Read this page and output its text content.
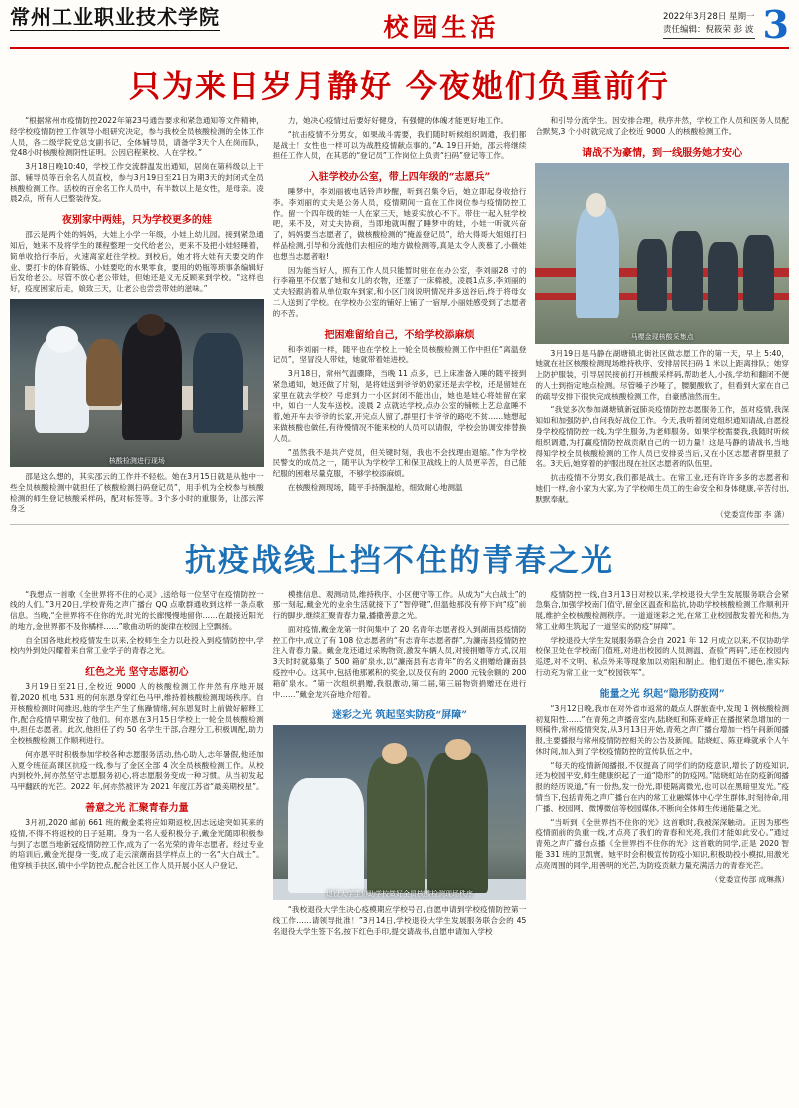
常州工业职业技术学院	校园生活	2022年3月28日 星期一
责任编辑：倪筱荣 彭 波 3
只为来日岁月静好 今夜她们负重前行

“根据常州市疫情防控2022年第23号通告要求和紧急通知等文件精神，经学校疫情防控工作领导小组研究决定，参与我校全员核酸检测的全体工作人员，各二级学院党总支副书记、全体辅导员，请备学3天个人在岗而队，党48小时核酸检测阴性证明。公因启程莱校、人在学校。”

3月18日晚10:40，学校工作交流群温发出通知，居岗在第科级以上干部、辅导员等百余名人员直校，参与3月19日至21日为期3天的封闭式全员核酸检测工作。活校的百余名工作人员中，有半数以上是女性，是母亲。凌晨2点，所有人已整装待发。

夜别家中两娃，只为学校更多的娃

邵云是两个娃的妈妈，大娃上小学一年级，小娃上幼儿园。接到紧急通知后，她来不及将学生的课程整理一交代给老公，更来不及把小娃轻睡着，简单收拾行李后，火速离家赶往学校。到校后，她才将大娃有天要交的作业、要打卡的体育锻炼、小娃要吃的水果零食，要用的奶瓶等琐事条编辑好后发给老公。尽管不放心老公带娃，但她还是义无反顾来到学校。“这样也好，疫度困家后走，娘致三天，让老公也尝尝带娃的滋味。”

核酸检测进行现场

邵是这么想的，其实邵云的工作并不轻松。她在3月15日就是从他中一些全员核酸检测中就担任了核酸检测扫码登记员”，用手机为全校参与核酸检测的师生登记核酸采样码，配对标签等。3个多小时的重服务，让邵云浑身乏

力，她决心疫情过后要好好健身，有强健的体魄才能更好地工作。

“抗击疫情不分男女，如果战斗需要，我们随时听候组织调遣，我们都是战士！女性也一样可以为战胜疫情献点事的。”A. 19日开始，邵云将继续担任工作人员，在其恶的“登记员”工作岗位上负责“扫码”登记等工作。

入驻学校办公室，带上四年级的“志愿兵”

睡梦中，李刘丽被电话铃声吵醒，听到召集令后，她立即起身收拾行李。李刘丽的丈夫是公务人员，疫情期间一直在工作岗位参与疫情防控工作。留一个四年级的娃一人在家三天，她妥实放心不下。带住一起入驻学校吧，来不及，对丈夫协商，当即地就叫醒了睡梦中的娃，小娃一听就兴奋了，妈妈要当志愿者了，做核酸检测的“掩盖登记员”，给大得哥大姐姐打扫样品检测,引导和分流他们去相应的地方做检测等,真是太令人羡慕了,小薇娃也想当志愿者啦!

因为能当好人，照有工作人员只能暂时驻在在办公室，李刘丽28 寸的行李箱里不仅塞了她和女儿的衣物，还塞了一床棉被，凌晨1点多,李刘丽的丈夫轻跟消着从单位取车到家,和小区门岗说明情况并多送谷后,终于将母女二人送到了学校。在学校办公室的铺好上铺了一宿厚,小丽娃感受到了志愿者的不苦。

把困难留给自己，不给学校添麻烦

和李刘丽一样，随平也在学校上一轮全员核酸检测工作中担任“离温登记员”，坚冒没人带娃，她就带着娃进校。

3月18日，常州气温骤降，当晚 11 点多，已上床准备入睡的随平接到紧急通知，她还做了片刻，是将娃送到爷爷奶奶家还是去学校，还是留娃在家里在就去学校？号虑到力一小区封闭不能出山，她也是娃心将娃留在家中，如白一人发车送校。凌晨 2 点就达学校,点办公室的铺帐上艺总盒睡不着,她开车去爷爷的长家,开完点人留了,群里打卡爷爷的路吃不贫……她想起来做核酸也做任,有待慢情况不能来校的人员可以请假，学校会协调安排替换人员。

“虽然我不是共产党员，但关键时刻，我也不会找理由退缩。”作为学校民警支的成员之一，随平认为学校学工和保卫战线上的人员更辛苦，自己能纪服的困难尽量克服，不够学校添麻烦。

在核酸检测现场，随平手持腕温枪，细致耐心地测温

和引导分流学生。因安排合理，秩序井然，学校工作人员和医务人员配合默契,3 个小时就完成了企校近 9000 人的核酸检测工作。

请战不为豪情，到一线服务她才安心
马樱金现核酸采集点

3月19日是马静在湖塘镇北街社区做志愿工作的第一天，早上 5:40，她就在社区核酸检测现场维持秩序、安排居民扫码 1 米以上距离排队；她穿上防护服装，引导居民接前打开核酸采样码,帮助老人,小孩,学幼和翻闭不便的人士到指定地点检测。尽管嗓子沙哑了，腰腿酸软了，但看到大家在自己的疏导安排下很快完成核酸检测工作，自豪感油然而生。

“我觉多次参加湖塘镇新冠肺炎疫情防控志愿服务工作，虽对疫情,我深知如和加强防护,自问我好战位工作。今天,我听着闭党组织通知请战,自愿投身学校疫情防控一线,为学生服务,为老师服务。如果学校需要我,我随时听候组织调遣,为打赢疫情防控战贡献自己的一切力量！这是马静的请战书,当地得知学校全员核酸检测的工作人员已安排妥当后,又在小区志愿者群里报了名。3天后,她穿着的护服出现在社区志愿者的队伍里。

抗击疫情不分男女,我们都是战士。在常工业,还有许许多多的志愿者和她们一样,舍小家为大家,为了学校师生员工的生命安全和身体健康,辛苦付出,默默奉献。

（党委宣传部 李 潇）
抗疫战线上挡不住的青春之光

“我想点一首歌《全世界将不住的心灵》,送给每一位坚守在疫情防控一线的人们。”3月20日,学校青苑之声广播台 QQ 点歌群通收到这样一条点歌信息。当晚,“全世界将不住你的光,时光的长廊慢慢地留你……在最接近阳光的地方,金世界都不及你橘样……”歌曲动听的旋律在校园上空飘扬。

自全国各地此校疫情发生以来,全校师生全力以赴投入到疫情防控中,学校内外到处闪耀着来自常工业学子的青春之光。

红色之光 坚守志愿初心

3月19日至21日,全校近 9000 人的核酸检测工作井然有序地开展着,2020 机电 531 班的何东恩身穿红色马甲,维持着核酸检测现场秩序。自开核酸检测时间推迟,他的学生产生了焦躁情绪,何东恩复时上前做好解释工作,配合疫情早期安按了他们。何亦恩在3月15日学校上一轮全员核酸检测中,担任志愿者。此次,他担任了约 50 名学生干部,合理分工,积极调配,助力全校核酸检测工作顺利进行。

何亦恩平时积极参加学校各种志愿服务活动,热心助人,志年暑假,他还加入夏令班征高课区抗疫一线,参与了金区全部 4 次全员核酸检测工作。从校内到校外,何亦然坚守志愿服务初心,将志愿服务变成一种习惯。从当初发起马甲翻跃的光芒。2022 年,何亦然被评为 2021 年度江苏省“最美期校星”。

善意之光 汇聚青春力量

3月初,2020 邮前 661 班的戴金柔将应如期返校,因志远途突如其来的疫情,不得不将返校的日子延期。身为一名人爱积极分子,戴金光随即积极参与到了志愿当地新冠疫情防控工作,成为了一名光荣的青年志愿者。经过专业的培训后,戴金光提身一变,成了走云滚潮南县学样点上的一名“大白战士”。他穿核手扶区,镇中小学防控点,配合社区工作人员开展小区人户登记、

模推信息、观测动员,维持秩序、小区便守等工作。从成为“大白战士”的那一刻起,戴金光的业余生活就接下了“智停键”,但温他那没有停下向“疫”前行的脚步,继续汇聚青春力量,播撒善意之光。

面对疫情,戴金龙第一时间集中了 20 名青年志愿者投入到湖南县疫情防控工作中,成立了有 108 位志愿者的“有志青年志愿者群”,为濂南县疫情防控注入青春力量。戴金龙还通过采购物资,激发车辆人员,对接捐赠等方式,汉用3天时时就募集了 500 箱矿泉水,以“濂南县有志青年”的名义捐赠给濂南县疫控中心。这其中,包括他那累积的奖金,以及仅有的 2000 元钱余额的 200 箱矿泉水。“第一次组织捐赠,我很激动,第二届,第三届物资捐赠还在进行中……”戴金龙兴奋地介绍着。

迷彩之光 筑起坚实防疫“屏障”
退役大学生协助学校做好全员核酸检测现场秩序

“我校退役大学生决心疫模期应学校号召,自愿申请到学校疫情防控第一线工作……请领导批准！”3月14日,学校退役大学生发展服务联合会的 45 名退役大学生签下名,按下红色手印,提交请战书,自愿申请加入学校

疫情防控一线,自3月13日对校以来,学校退役大学生发展服务联合会紧急集合,加强学校南门值守,留金区温查和监抗,协助学校核酸检测工作顺利开展,维护全校核酸检测秩序。一道道迷彩之光,在常工业校园散发着光和热,为常工业师生筑起了一道坚实的防疫“屏障”。

学校退役大学生发展服务联合会自 2021 年 12 月成立以来,不仅协助学校保卫处在学校南门值班,对进出校园的人员测温、查验“两码”,还在校园内巡逻,对不文明、私点外来等现象加以劝阻和制止。他们退伍不褪色,准实际行动充为常工业一支“校园铁军”。

能量之光 织起“隐形防疫网”

“3月12日晚,我市在对外省市返常的最点人群旅查中,发现 1 例核酸检测初复阳性……”在青苑之声播音室内,陆晓虹和陈亚峰正在播报紧急增加的一则稿件,常州疫情突发,从3月13日开始,青苑之声广播台增加一档午间新闻播报,主要播报与常州疫情防控相关的公告及新闻。陆晓虹、陈亚峰就承个人午休时间,加入到了学校疫情防控的宣传队伍之中。

“每天的疫情新闻播报,不仅提高了同学们的防疫意识,增长了防疫知识,还为校园平安,师生健康织起了一道“隐形”的防疫网。”陆晓虹站在防疫新闻播报的经历说道,“有一份热,发一份光,即使隔离微光,也可以在黑暗里发光。”疫情当下,包括青苑之声广播台在内的常工业融媒体中心学生群体,时刻待命,用广播、校园网、微博微信等校园媒体,不断向全体师生传递能量之光。

“当听到《全世界挡不住你的光》这首歌时,我被深深触动。正因为那些疫情面前的负重一线,才点亮了我们的青春和光亮,我们才能如此安心。”通过青苑之声广播台点播《全世界挡不住你的光》这首歌的同学,正是 2020 智能 331 班的卫凯寰。她平时会积极宣传防疫小知识,积极助投小模拟,用激光点亮周围的同学,用善明的光芒,为防疫贡献力量充满活力的青春光芒。

（党委宣传部 成琳燕）
